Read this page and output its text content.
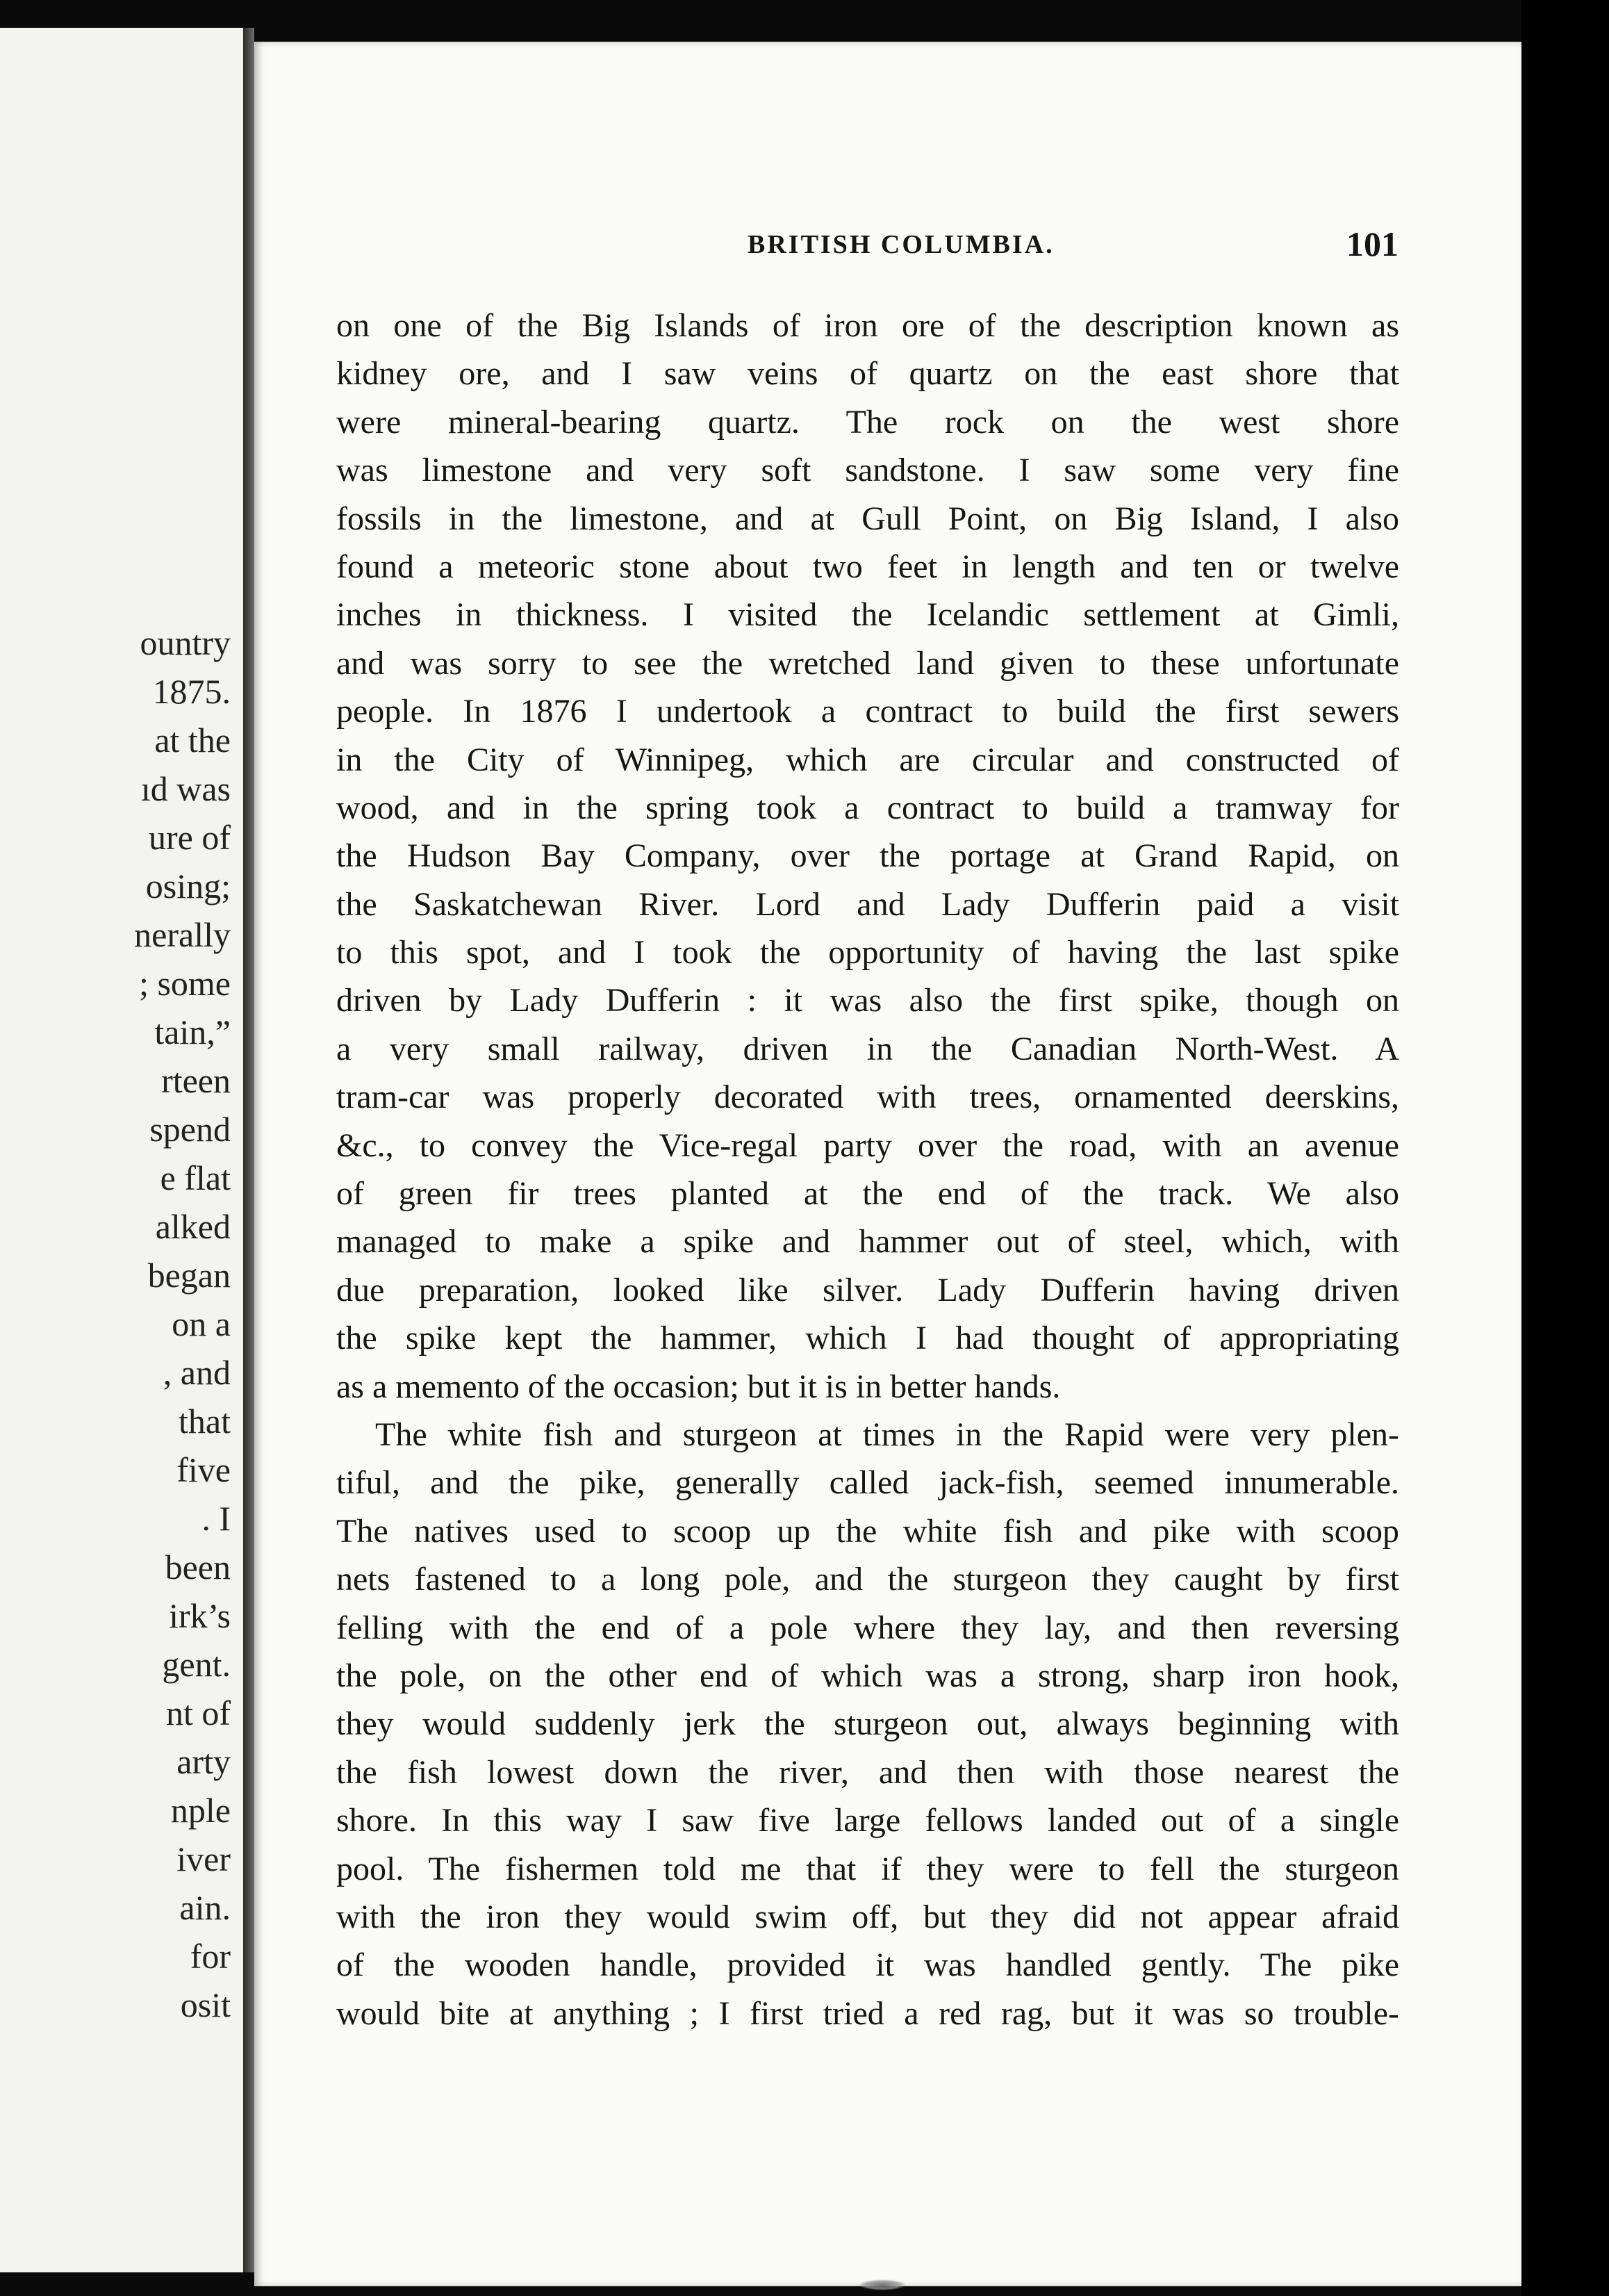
ountry
1875.
at the
ıd was
ure of
osing;
nerally
; some
tain,”
rteen
spend
e flat
alked
began
on a
, and
that
five
. I
been
irk’s
gent.
nt of
arty
nple
iver
ain.
for
osit
BRITISH COLUMBIA.	101
on one of the Big Islands of iron ore of the description known as
kidney ore, and I saw veins of quartz on the east shore that
were mineral-bearing quartz. The rock on the west shore
was limestone and very soft sandstone. I saw some very fine
fossils in the limestone, and at Gull Point, on Big Island, I also
found a meteoric stone about two feet in length and ten or twelve
inches in thickness. I visited the Icelandic settlement at Gimli,
and was sorry to see the wretched land given to these unfortunate
people. In 1876 I undertook a contract to build the first sewers
in the City of Winnipeg, which are circular and constructed of
wood, and in the spring took a contract to build a tramway for
the Hudson Bay Company, over the portage at Grand Rapid, on
the Saskatchewan River. Lord and Lady Dufferin paid a visit
to this spot, and I took the opportunity of having the last spike
driven by Lady Dufferin : it was also the first spike, though on
a very small railway, driven in the Canadian North-West. A
tram-car was properly decorated with trees, ornamented deerskins,
&c., to convey the Vice-regal party over the road, with an avenue
of green fir trees planted at the end of the track. We also
managed to make a spike and hammer out of steel, which, with
due preparation, looked like silver. Lady Dufferin having driven
the spike kept the hammer, which I had thought of appropriating
as a memento of the occasion; but it is in better hands.
The white fish and sturgeon at times in the Rapid were very plen-
tiful, and the pike, generally called jack-fish, seemed innumerable.
The natives used to scoop up the white fish and pike with scoop
nets fastened to a long pole, and the sturgeon they caught by first
felling with the end of a pole where they lay, and then reversing
the pole, on the other end of which was a strong, sharp iron hook,
they would suddenly jerk the sturgeon out, always beginning with
the fish lowest down the river, and then with those nearest the
shore. In this way I saw five large fellows landed out of a single
pool. The fishermen told me that if they were to fell the sturgeon
with the iron they would swim off, but they did not appear afraid
of the wooden handle, provided it was handled gently. The pike
would bite at anything ; I first tried a red rag, but it was so trouble-
